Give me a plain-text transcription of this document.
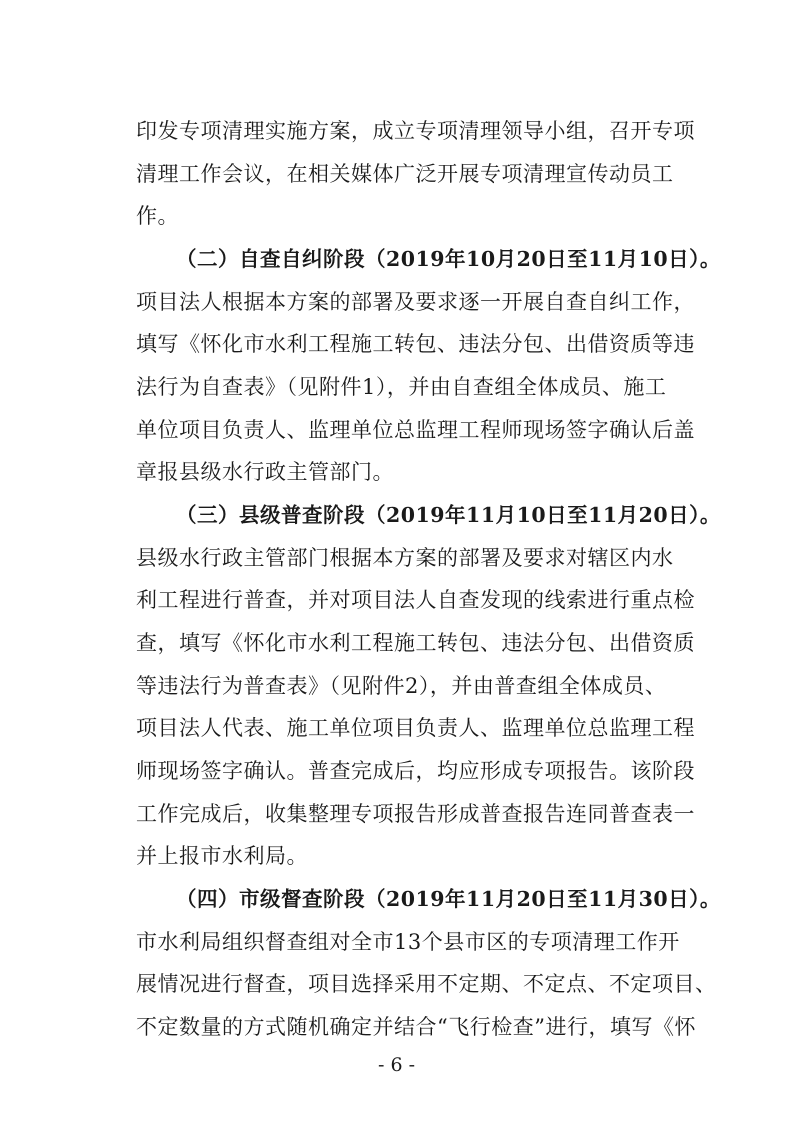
印发专项清理实施方案，成立专项清理领导小组，召开专项
清理工作会议，在相关媒体广泛开展专项清理宣传动员工
作。
（二）自查自纠阶段（2019年10月20日至11月10日）。
项目法人根据本方案的部署及要求逐一开展自查自纠工作，
填写《怀化市水利工程施工转包、违法分包、出借资质等违
法行为自查表》（见附件1），并由自查组全体成员、施工
单位项目负责人、监理单位总监理工程师现场签字确认后盖
章报县级水行政主管部门。
（三）县级普查阶段（2019年11月10日至11月20日）。
县级水行政主管部门根据本方案的部署及要求对辖区内水
利工程进行普查，并对项目法人自查发现的线索进行重点检
查，填写《怀化市水利工程施工转包、违法分包、出借资质
等违法行为普查表》（见附件2），并由普查组全体成员、
项目法人代表、施工单位项目负责人、监理单位总监理工程
师现场签字确认。普查完成后，均应形成专项报告。该阶段
工作完成后，收集整理专项报告形成普查报告连同普查表一
并上报市水利局。
（四）市级督查阶段（2019年11月20日至11月30日）。
市水利局组织督查组对全市13个县市区的专项清理工作开
展情况进行督查，项目选择采用不定期、不定点、不定项目、
不定数量的方式随机确定并结合“飞行检查”进行，填写《怀
- 6 -
